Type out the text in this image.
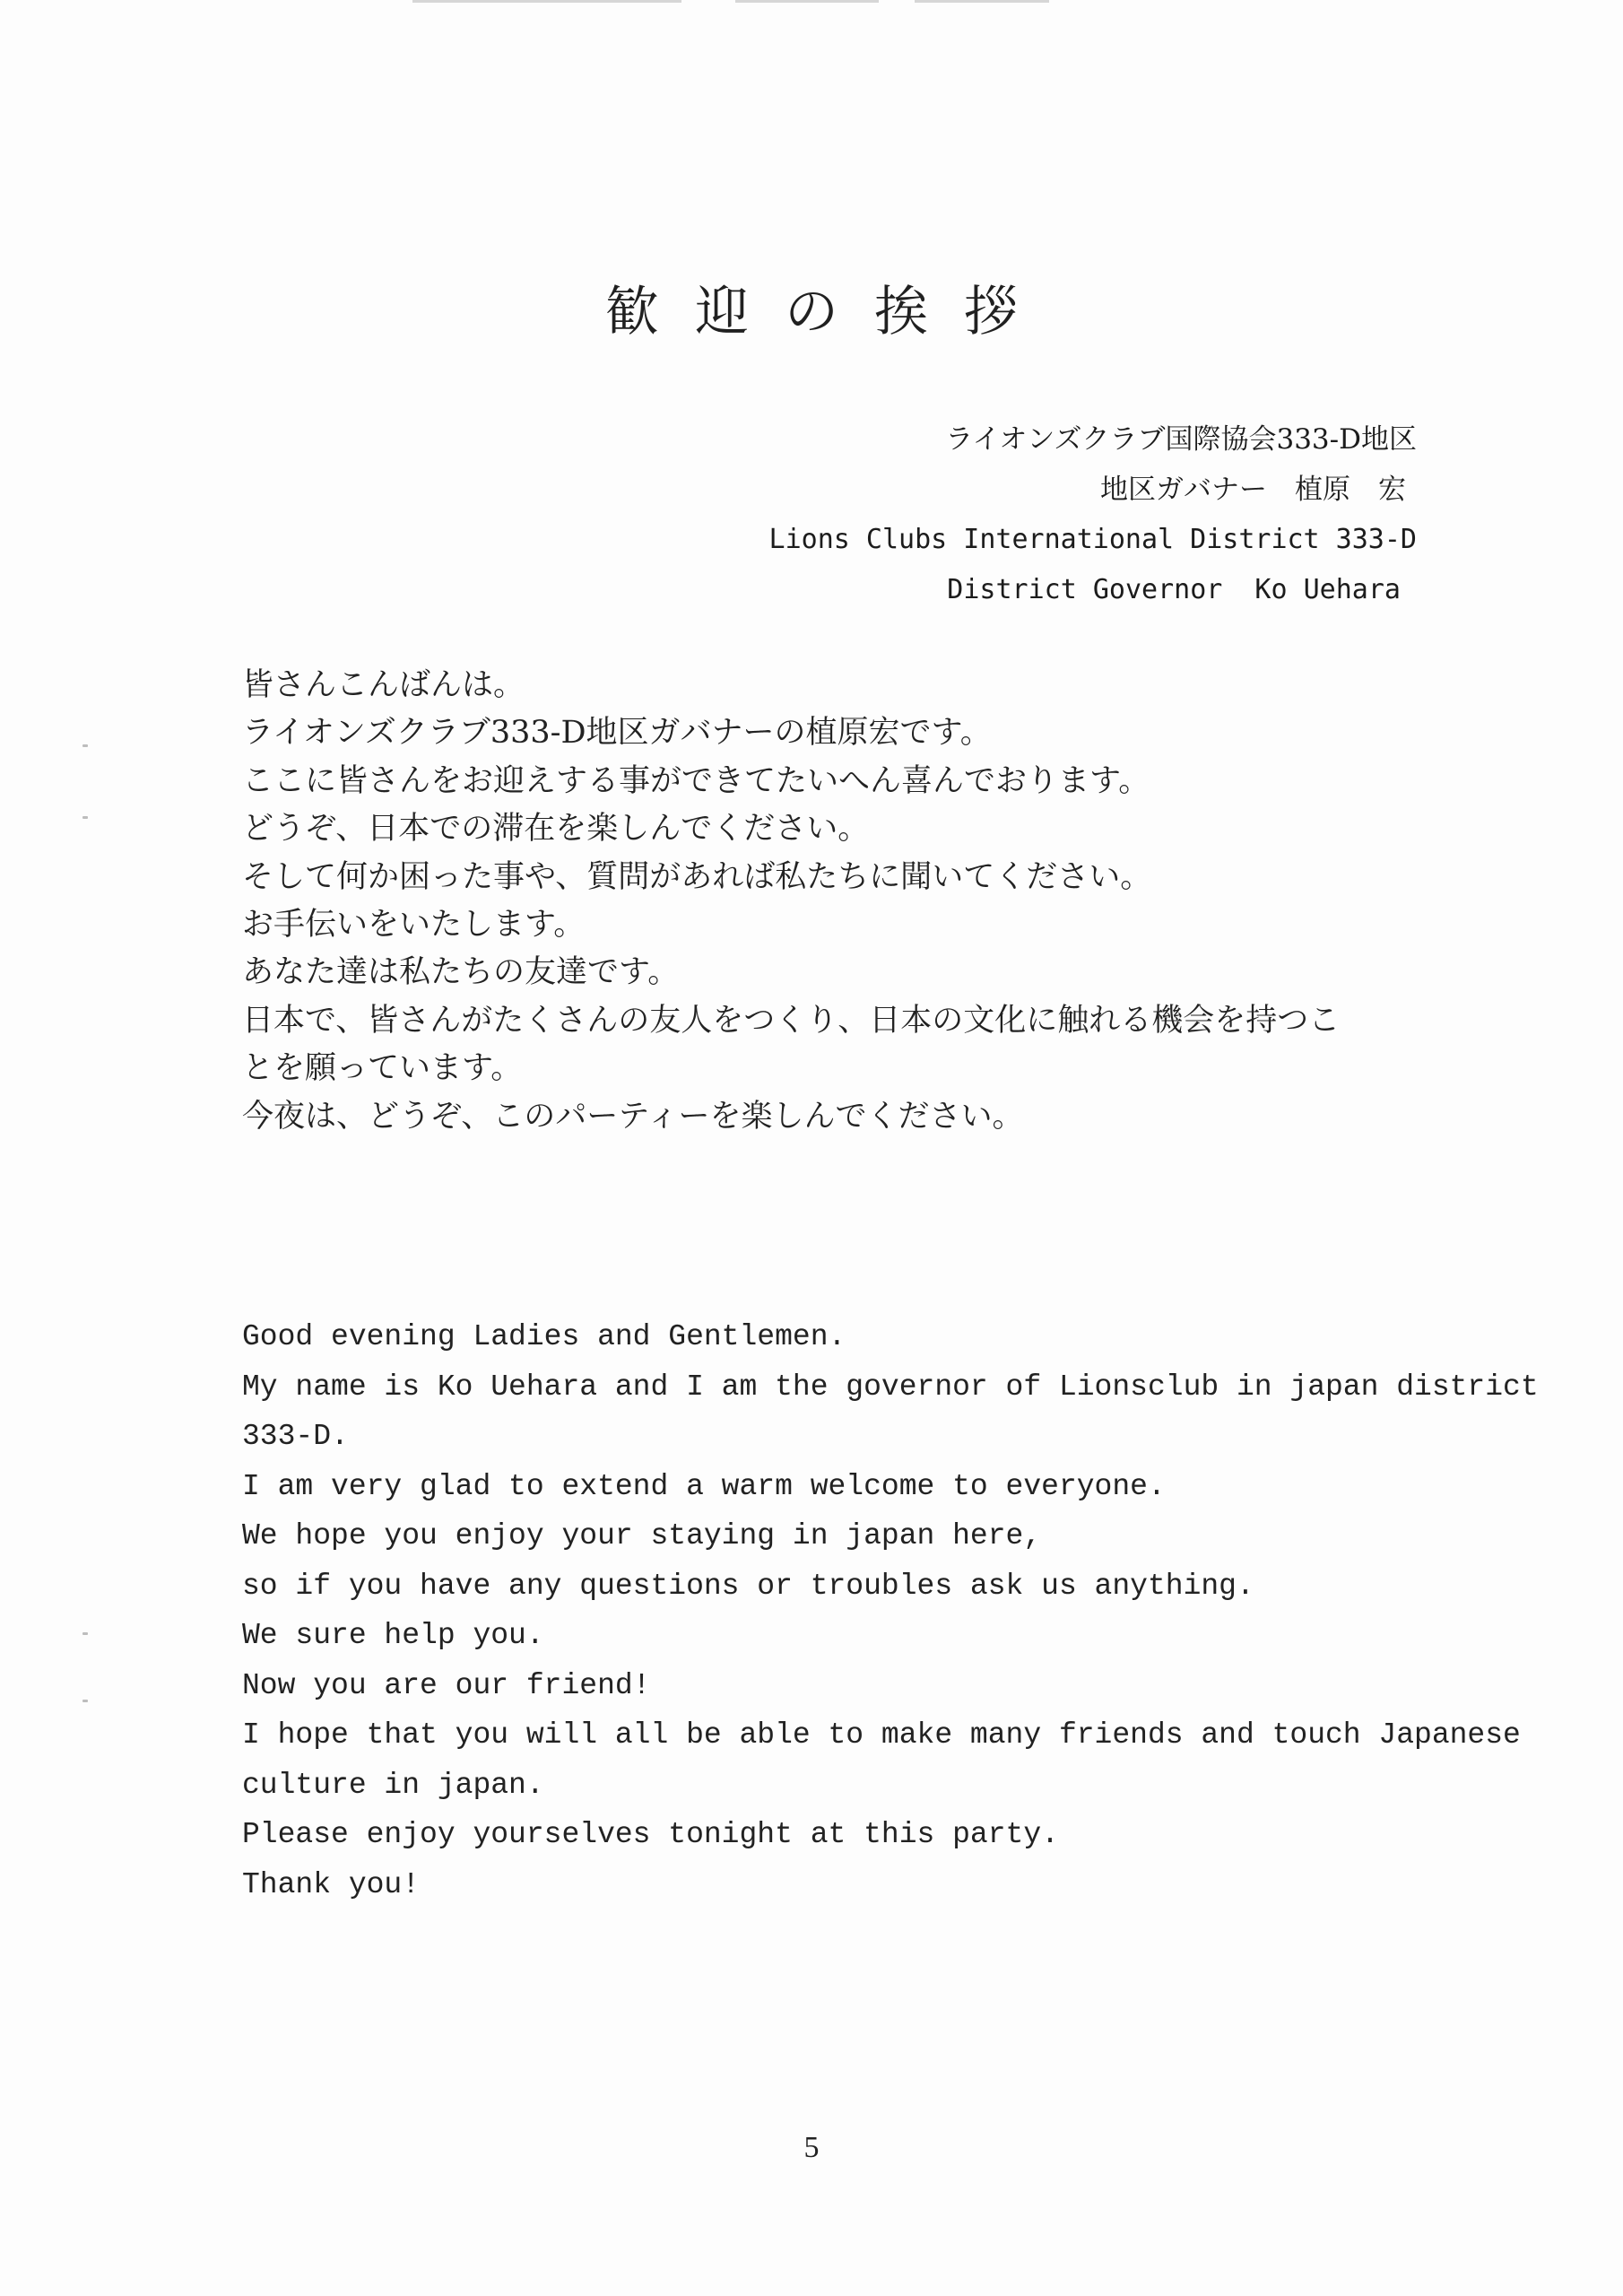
歓迎の挨拶
ライオンズクラブ国際協会333-D地区
地区ガバナー　植原　宏
Lions Clubs International District 333-D
District Governor  Ko Uehara
皆さんこんばんは。
ライオンズクラブ333-D地区ガバナーの植原宏です。
ここに皆さんをお迎えする事ができてたいへん喜んでおります。
どうぞ、日本での滞在を楽しんでください。
そして何か困った事や、質問があれば私たちに聞いてください。
お手伝いをいたします。
あなた達は私たちの友達です。
日本で、皆さんがたくさんの友人をつくり、日本の文化に触れる機会を持つこ
とを願っています。
今夜は、どうぞ、このパーティーを楽しんでください。
Good evening Ladies and Gentlemen.
My name is Ko Uehara and I am the governor of Lionsclub in japan district
333-D.
I am very glad to extend a warm welcome to everyone.
We hope you enjoy your staying in japan here,
so if you have any questions or troubles ask us anything.
We sure help you.
Now you are our friend!
I hope that you will all be able to make many friends and touch Japanese
culture in japan.
Please enjoy yourselves tonight at this party.
Thank you!
5
